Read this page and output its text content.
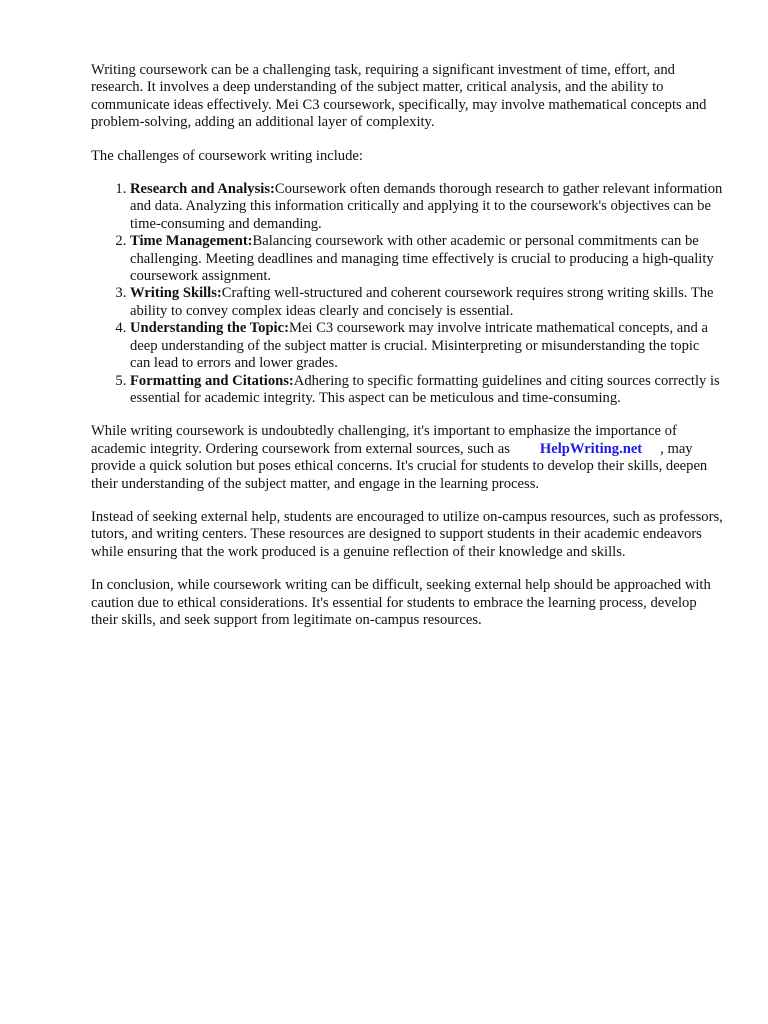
Writing coursework can be a challenging task, requiring a significant investment of time, effort, and research. It involves a deep understanding of the subject matter, critical analysis, and the ability to communicate ideas effectively. Mei C3 coursework, specifically, may involve mathematical concepts and problem-solving, adding an additional layer of complexity.

The challenges of coursework writing include:

1. Research and Analysis:Coursework often demands thorough research to gather relevant information and data. Analyzing this information critically and applying it to the coursework's objectives can be time-consuming and demanding.
2. Time Management:Balancing coursework with other academic or personal commitments can be challenging. Meeting deadlines and managing time effectively is crucial to producing a high-quality coursework assignment.
3. Writing Skills:Crafting well-structured and coherent coursework requires strong writing skills. The ability to convey complex ideas clearly and concisely is essential.
4. Understanding the Topic:Mei C3 coursework may involve intricate mathematical concepts, and a deep understanding of the subject matter is crucial. Misinterpreting or misunderstanding the topic can lead to errors and lower grades.
5. Formatting and Citations:Adhering to specific formatting guidelines and citing sources correctly is essential for academic integrity. This aspect can be meticulous and time-consuming.

While writing coursework is undoubtedly challenging, it's important to emphasize the importance of academic integrity. Ordering coursework from external sources, such as HelpWriting.net , may provide a quick solution but poses ethical concerns. It's crucial for students to develop their skills, deepen their understanding of the subject matter, and engage in the learning process.

Instead of seeking external help, students are encouraged to utilize on-campus resources, such as professors, tutors, and writing centers. These resources are designed to support students in their academic endeavors while ensuring that the work produced is a genuine reflection of their knowledge and skills.

In conclusion, while coursework writing can be difficult, seeking external help should be approached with caution due to ethical considerations. It's essential for students to embrace the learning process, develop their skills, and seek support from legitimate on-campus resources.
